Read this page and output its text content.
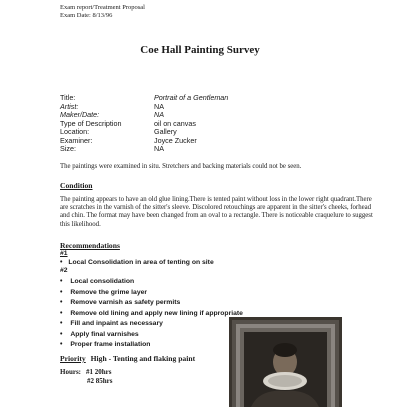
Exam report/Treatment Proposal
Exam Date: 8/13/96
Coe Hall Painting Survey
Title:	Portrait of a Gentleman
Artist:	NA
Maker/Date:	NA
Type of Description	oil on canvas
Location:	Gallery
Examiner:	Joyce Zucker
Size:	NA
The paintings were examined in situ. Stretchers and backing materials could not be seen.
Condition
The painting appears to have an old glue lining.There is tented paint without loss in the lower right quadrant.There are scratches in the varnish of the sitter's sleeve. Discolored retouchings are apparent in the sitter's cheeks, forhead and chin. The format may have been changed from an oval to a rectangle. There is noticeable craquelure to suggest this likelihood.
Recommendations
#1
• Local Consolidation in area of tenting on site
#2
• Local consolidation
• Remove the grime layer
• Remove varnish as safety permits
• Remove old lining and apply new lining if appropriate
• Fill and inpaint as necessary
• Apply final varnishes
• Proper frame installation
Priority High - Tenting and flaking paint
Hours: #1 20hrs
#2 85hrs
